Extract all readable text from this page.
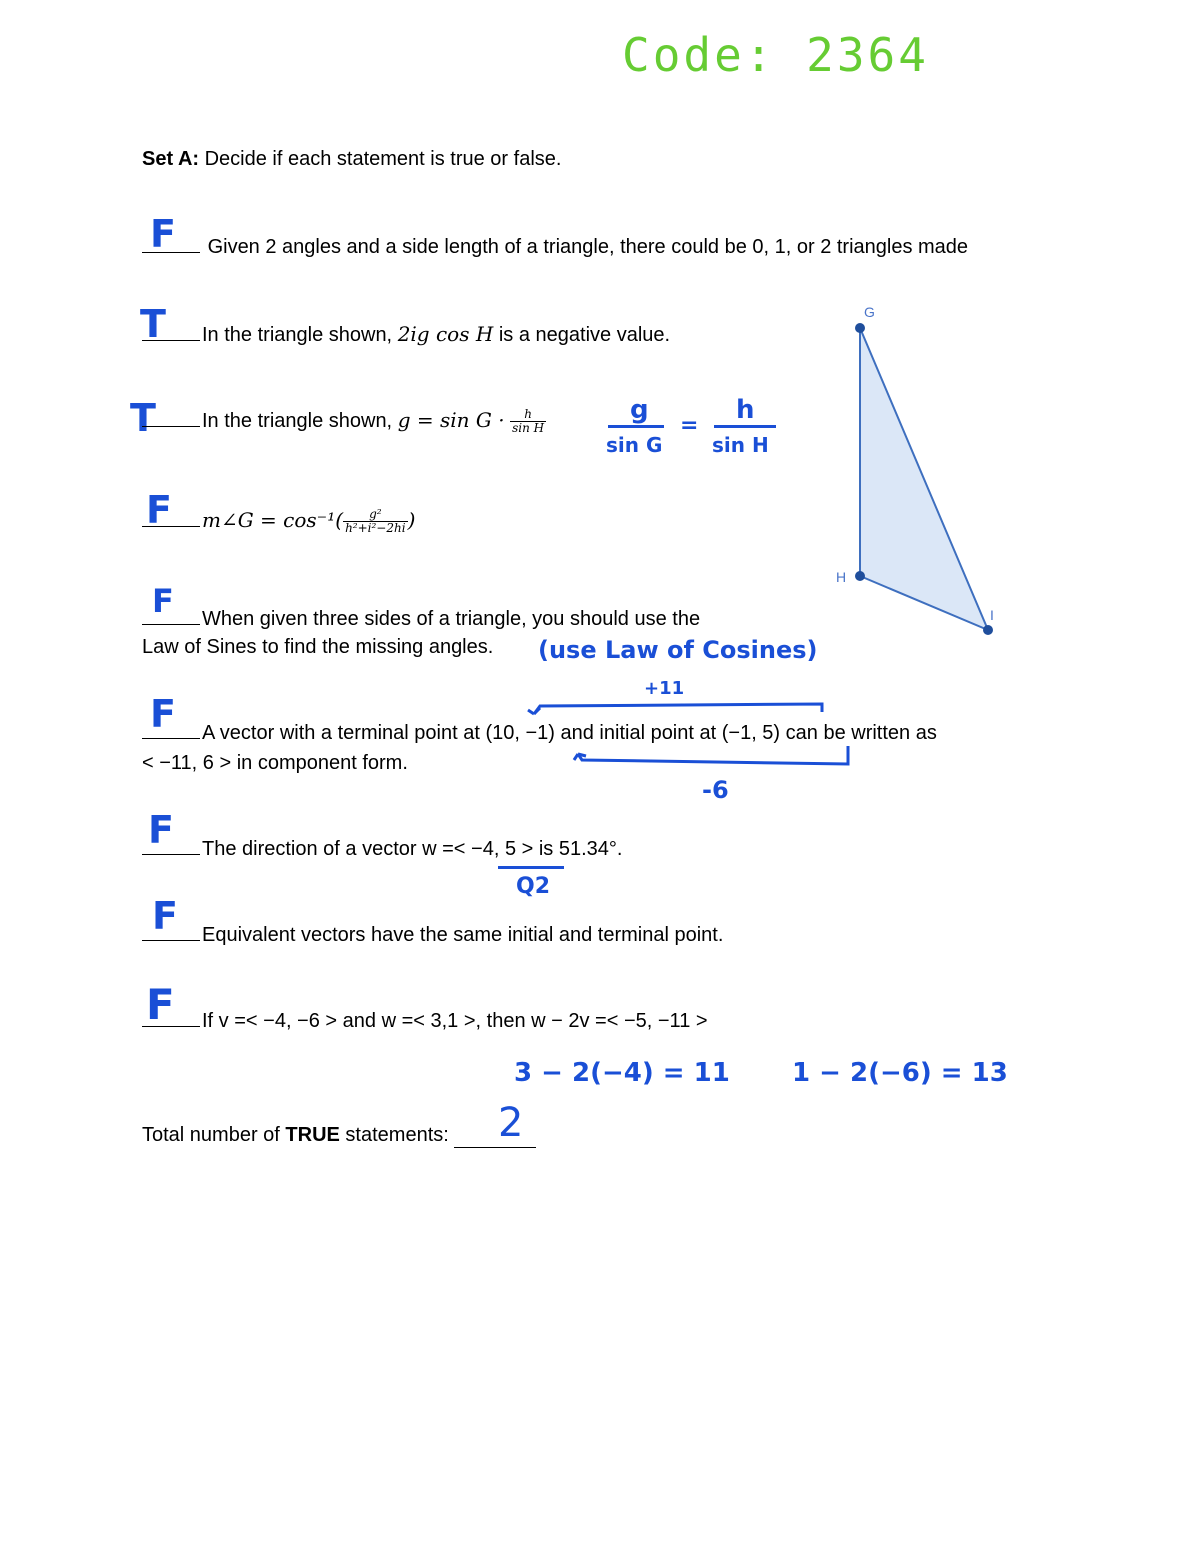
Code: 2364
Set A: Decide if each statement is true or false.
F	Given 2 angles and a side length of a triangle, there could be 0, 1, or 2 triangles made
T	In the triangle shown, 2ig cos H is a negative value.
T	In the triangle shown, $g = \sin G \cdot \frac{h}{\text{sin H}}$	g
sin G
=
h
sin H
F	m∠G = $\cos^{-1}( \frac{\text{g²}}{\text{h²+i²−2hi}}$ )
F	When given three sides of a triangle, you should use the
Law of Sines to find the missing angles. (use Law of Cosines)
+11
F	A vector with a terminal point at (10, −1) and initial point at (−1, 5) can be written as
< −11, 6 > in component form.
-6
F	The direction of a vector w =< −4, 5 > is 51.34°.
Q2
F	Equivalent vectors have the same initial and terminal point.
F	If v =< −4, −6 > and w =< 3,1 >, then w − 2v =< −5, −11 >
3 − 2(−4) = 11 1 − 2(−6) = 13
Total number of TRUE statements:	2
G
H
I
